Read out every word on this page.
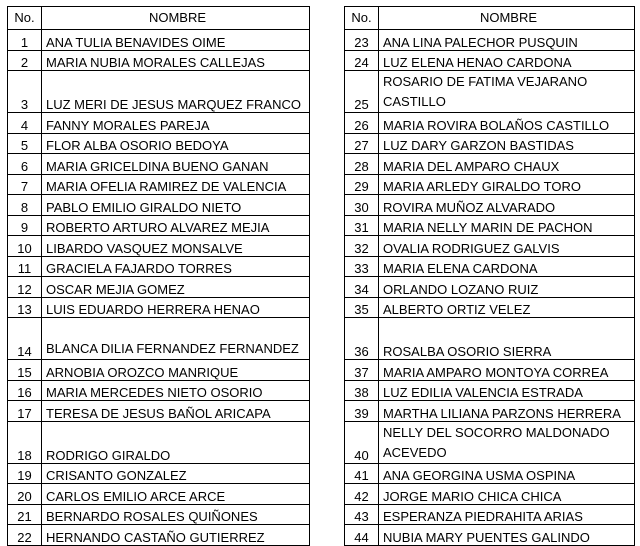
No.	NOMBRE
1	ANA TULIA BENAVIDES OIME
2	MARIA NUBIA MORALES CALLEJAS
3	LUZ MERI DE JESUS MARQUEZ FRANCO
4	FANNY MORALES PAREJA
5	FLOR ALBA OSORIO BEDOYA
6	MARIA GRICELDINA BUENO GANAN
7	MARIA OFELIA RAMIREZ DE VALENCIA
8	PABLO EMILIO GIRALDO NIETO
9	ROBERTO ARTURO ALVAREZ MEJIA
10	LIBARDO VASQUEZ MONSALVE
11	GRACIELA FAJARDO TORRES
12	OSCAR MEJIA GOMEZ
13	LUIS EDUARDO HERRERA HENAO
14	BLANCA DILIA FERNANDEZ FERNANDEZ
15	ARNOBIA OROZCO MANRIQUE
16	MARIA MERCEDES NIETO OSORIO
17	TERESA DE JESUS BAÑOL ARICAPA
18	RODRIGO GIRALDO
19	CRISANTO GONZALEZ
20	CARLOS EMILIO ARCE ARCE
21	BERNARDO ROSALES QUIÑONES
22	HERNANDO CASTAÑO GUTIERREZ
No.	NOMBRE
23	ANA LINA PALECHOR PUSQUIN
24	LUZ ELENA HENAO CARDONA
25	ROSARIO DE FATIMA VEJARANO CASTILLO
26	MARIA ROVIRA BOLAÑOS CASTILLO
27	LUZ DARY GARZON BASTIDAS
28	MARIA DEL AMPARO CHAUX
29	MARIA ARLEDY GIRALDO TORO
30	ROVIRA MUÑOZ ALVARADO
31	MARIA NELLY MARIN DE PACHON
32	OVALIA RODRIGUEZ GALVIS
33	MARIA ELENA CARDONA
34	ORLANDO LOZANO RUIZ
35	ALBERTO ORTIZ VELEZ
36	ROSALBA OSORIO SIERRA
37	MARIA AMPARO MONTOYA CORREA
38	LUZ EDILIA VALENCIA ESTRADA
39	MARTHA LILIANA PARZONS HERRERA
40	NELLY DEL SOCORRO MALDONADO ACEVEDO
41	ANA GEORGINA USMA OSPINA
42	JORGE MARIO CHICA CHICA
43	ESPERANZA PIEDRAHITA ARIAS
44	NUBIA MARY PUENTES GALINDO
